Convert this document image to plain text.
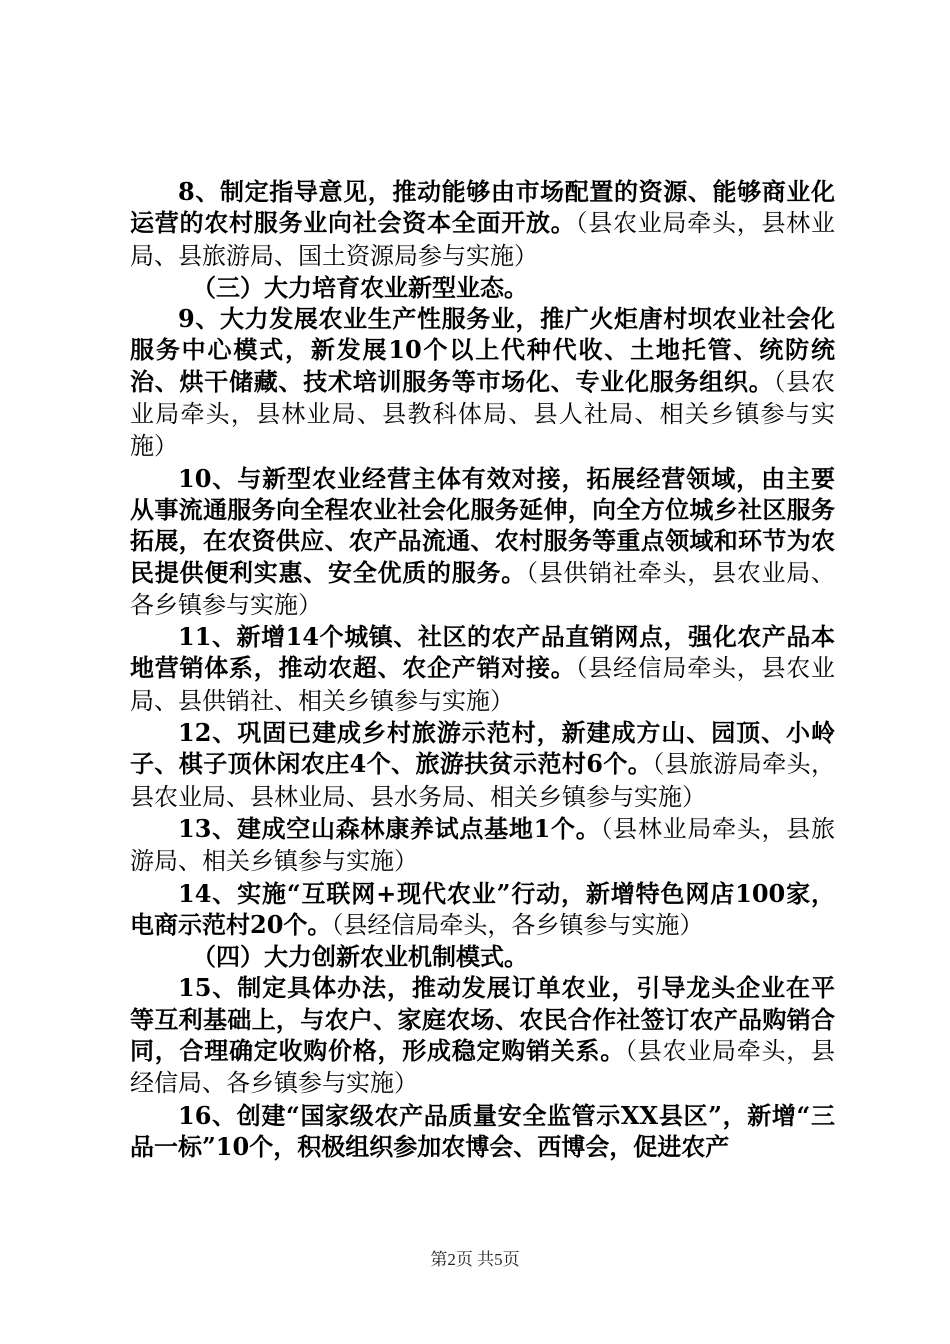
8、制定指导意见，推动能够由市场配置的资源、能够商业化运营的农村服务业向社会资本全面开放。（县农业局牵头，县林业局、县旅游局、国土资源局参与实施）

（三）大力培育农业新型业态。

9、大力发展农业生产性服务业，推广火炬唐村坝农业社会化服务中心模式，新发展10个以上代种代收、土地托管、统防统治、烘干储藏、技术培训服务等市场化、专业化服务组织。（县农业局牵头，县林业局、县教科体局、县人社局、相关乡镇参与实施）

10、与新型农业经营主体有效对接，拓展经营领域，由主要从事流通服务向全程农业社会化服务延伸，向全方位城乡社区服务拓展，在农资供应、农产品流通、农村服务等重点领域和环节为农民提供便利实惠、安全优质的服务。（县供销社牵头，县农业局、各乡镇参与实施）

11、新增14个城镇、社区的农产品直销网点，强化农产品本地营销体系，推动农超、农企产销对接。（县经信局牵头，县农业局、县供销社、相关乡镇参与实施）

12、巩固已建成乡村旅游示范村，新建成方山、园顶、小岭子、棋子顶休闲农庄4个、旅游扶贫示范村6个。（县旅游局牵头，县农业局、县林业局、县水务局、相关乡镇参与实施）

13、建成空山森林康养试点基地1个。（县林业局牵头，县旅游局、相关乡镇参与实施）

14、实施“互联网+现代农业”行动，新增特色网店100家，电商示范村20个。（县经信局牵头，各乡镇参与实施）

（四）大力创新农业机制模式。

15、制定具体办法，推动发展订单农业，引导龙头企业在平等互利基础上，与农户、家庭农场、农民合作社签订农产品购销合同，合理确定收购价格，形成稳定购销关系。（县农业局牵头，县经信局、各乡镇参与实施）

16、创建“国家级农产品质量安全监管示XX县区”，新增“三品一标”10个，积极组织参加农博会、西博会，促进农产

第2页 共5页
